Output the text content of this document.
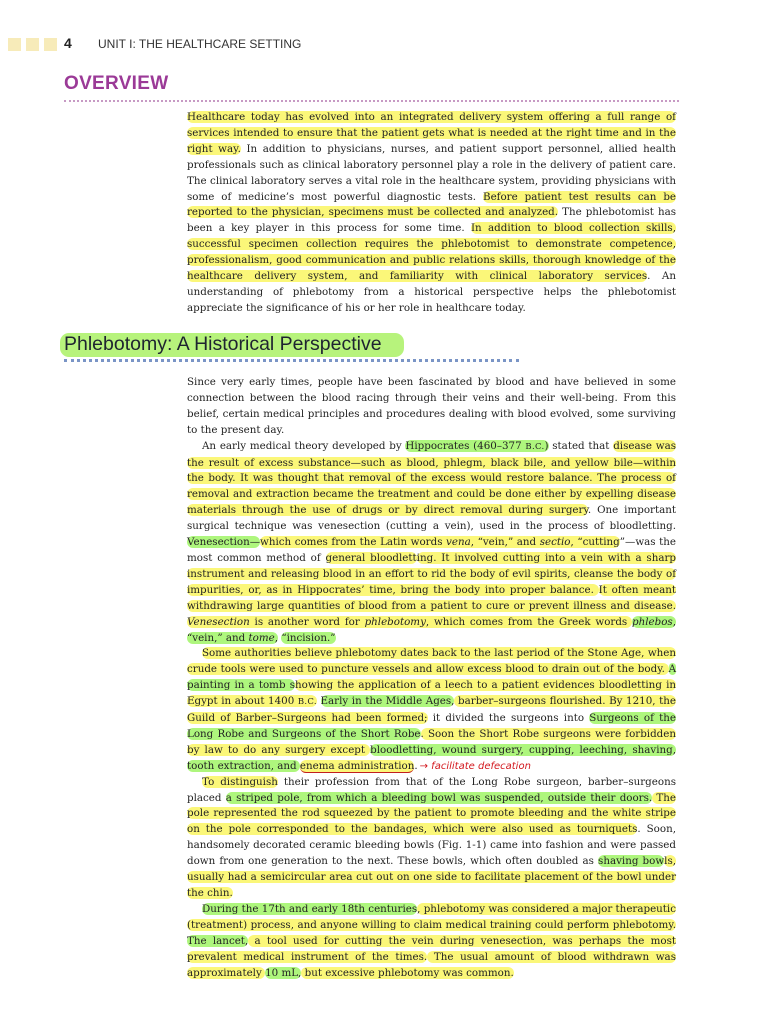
4 UNIT I: THE HEALTHCARE SETTING
OVERVIEW

Healthcare today has evolved into an integrated delivery system offering a full range of services intended to ensure that the patient gets what is needed at the right time and in the right way. In addition to physicians, nurses, and patient support personnel, allied health professionals such as clinical laboratory personnel play a role in the delivery of patient care. The clinical laboratory serves a vital role in the healthcare system, providing physicians with some of medicine’s most powerful diagnostic tests. Before patient test results can be reported to the physician, specimens must be collected and analyzed. The phlebotomist has been a key player in this process for some time. In addition to blood collection skills, successful specimen collection requires the phlebotomist to demonstrate competence, professionalism, good communication and public relations skills, thorough knowledge of the healthcare delivery system, and familiarity with clinical laboratory services. An understanding of phlebotomy from a historical perspective helps the phlebotomist appreciate the significance of his or her role in healthcare today.

Phlebotomy: A Historical Perspective

Since very early times, people have been fascinated by blood and have believed in some connection between the blood racing through their veins and their well-being. From this belief, certain medical principles and procedures dealing with blood evolved, some surviving to the present day.

An early medical theory developed by Hippocrates (460–377 B.C.) stated that disease was the result of excess substance—such as blood, phlegm, black bile, and yellow bile—within the body. It was thought that removal of the excess would restore balance. The process of removal and extraction became the treatment and could be done either by expelling disease materials through the use of drugs or by direct removal during surgery. One important surgical technique was venesection (cutting a vein), used in the process of bloodletting. Venesection—which comes from the Latin words vena, “vein,” and sectio, “cutting”—was the most common method of general bloodletting. It involved cutting into a vein with a sharp instrument and releasing blood in an effort to rid the body of evil spirits, cleanse the body of impurities, or, as in Hippocrates’ time, bring the body into proper balance. It often meant withdrawing large quantities of blood from a patient to cure or prevent illness and disease. Venesection is another word for phlebotomy, which comes from the Greek words phlebos, “vein,” and tome, “incision.”

Some authorities believe phlebotomy dates back to the last period of the Stone Age, when crude tools were used to puncture vessels and allow excess blood to drain out of the body. A painting in a tomb showing the application of a leech to a patient evidences bloodletting in Egypt in about 1400 B.C. Early in the Middle Ages, barber–surgeons flourished. By 1210, the Guild of Barber–Surgeons had been formed; it divided the surgeons into Surgeons of the Long Robe and Surgeons of the Short Robe. Soon the Short Robe surgeons were forbidden by law to do any surgery except bloodletting, wound surgery, cupping, leeching, shaving, tooth extraction, and enema administration. → facilitate defecation

To distinguish their profession from that of the Long Robe surgeon, barber–surgeons placed a striped pole, from which a bleeding bowl was suspended, outside their doors. The pole represented the rod squeezed by the patient to promote bleeding and the white stripe on the pole corresponded to the bandages, which were also used as tourniquets. Soon, handsomely decorated ceramic bleeding bowls (Fig. 1-1) came into fashion and were passed down from one generation to the next. These bowls, which often doubled as shaving bowls, usually had a semicircular area cut out on one side to facilitate placement of the bowl under the chin.

During the 17th and early 18th centuries, phlebotomy was considered a major therapeutic (treatment) process, and anyone willing to claim medical training could perform phlebotomy. The lancet, a tool used for cutting the vein during venesection, was perhaps the most prevalent medical instrument of the times. The usual amount of blood withdrawn was approximately 10 mL, but excessive phlebotomy was common.
